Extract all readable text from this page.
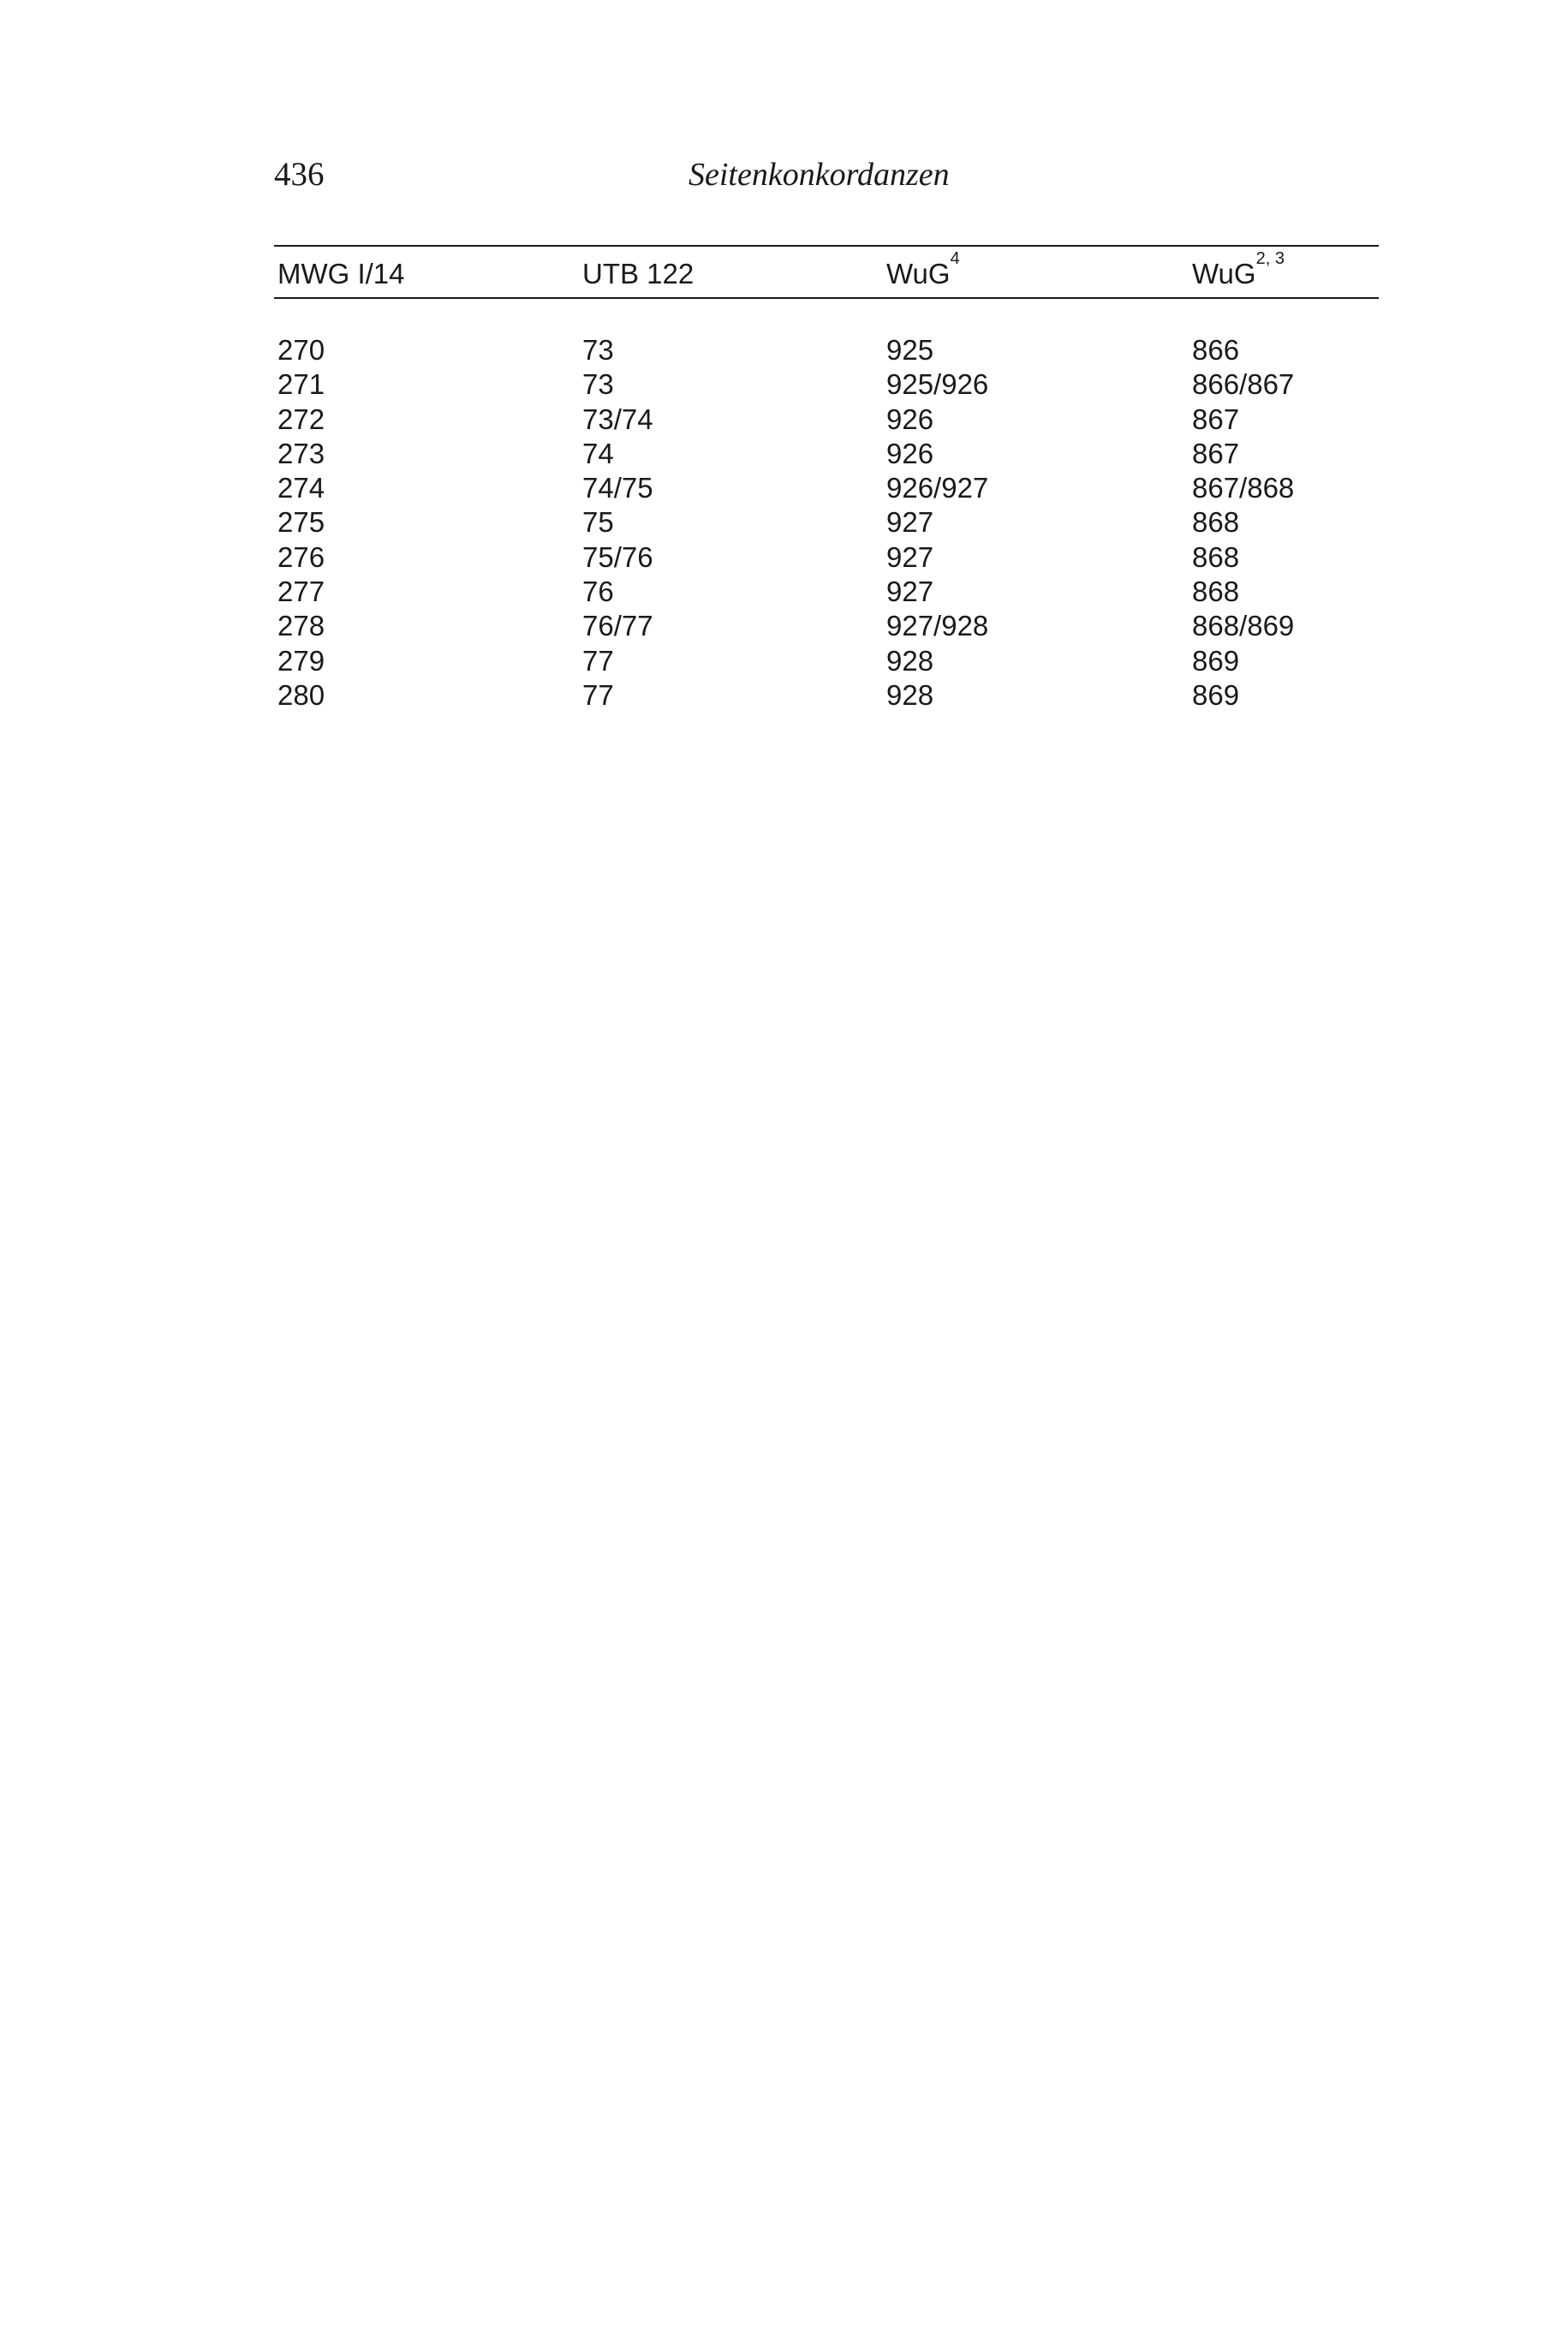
436	Seitenkonkordanzen
MWG I/14	UTB 122	WuG$^4$	WuG$^{2, 3}$
270	73	925	866
271	73	925/926	866/867
272	73/74	926	867
273	74	926	867
274	74/75	926/927	867/868
275	75	927	868
276	75/76	927	868
277	76	927	868
278	76/77	927/928	868/869
279	77	928	869
280	77	928	869
